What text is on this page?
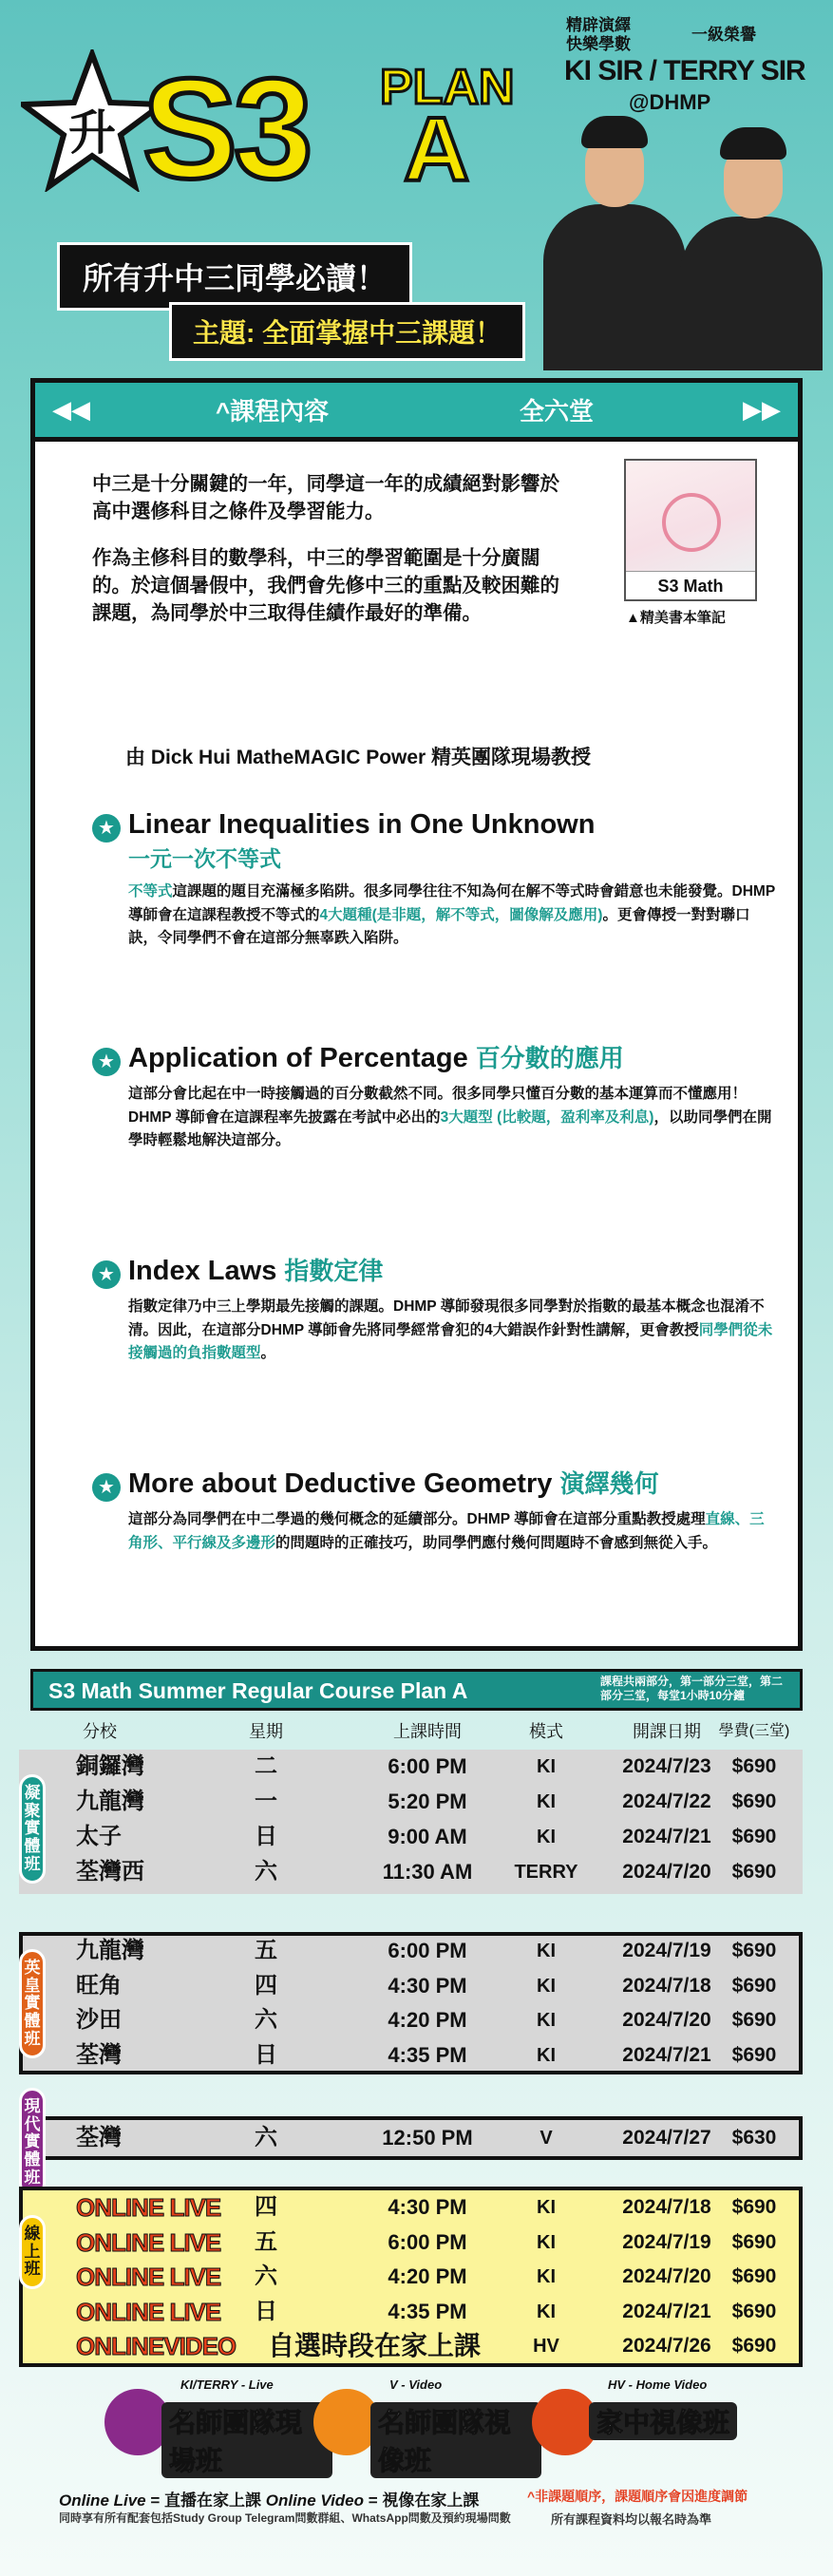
升 S3 PLAN
A
精辟演繹
快樂學數
一級榮譽
KI SIR / TERRY SIR
@DHMP
所有升中三同學必讀！
主題: 全面掌握中三課題！
◀◀	^課程內容	全六堂	▶▶

中三是十分關鍵的一年，同學這一年的成績絕對影響於高中選修科目之條件及學習能力。

作為主修科目的數學科，中三的學習範圍是十分廣闊的。於這個暑假中，我們會先修中三的重點及較困難的課題，為同學於中三取得佳績作最好的準備。

S3 Math
▲精美書本筆記
由 Dick Hui MatheMAGIC Power 精英團隊現場教授
★ Linear Inequalities in One Unknown
一元一次不等式
不等式這課題的題目充滿極多陷阱。很多同學往往不知為何在解不等式時會錯意也未能發覺。DHMP 導師會在這課程教授不等式的4大題種(是非題，解不等式，圖像解及應用)。更會傳授一對對聯口訣，令同學們不會在這部分無辜跌入陷阱。
★ Application of Percentage 百分數的應用
這部分會比起在中一時接觸過的百分數截然不同。很多同學只懂百分數的基本運算而不懂應用！DHMP 導師會在這課程率先披露在考試中必出的3大題型 (比較題，盈利率及利息)，以助同學們在開學時輕鬆地解決這部分。
★ Index Laws 指數定律
指數定律乃中三上學期最先接觸的課題。DHMP 導師發現很多同學對於指數的最基本概念也混淆不清。因此，在這部分DHMP 導師會先將同學經常會犯的4大錯誤作針對性講解，更會教授同學們從未接觸過的負指數題型。
★ More about Deductive Geometry 演繹幾何
這部分為同學們在中二學過的幾何概念的延續部分。DHMP 導師會在這部分重點教授處理直線、三角形、平行線及多邊形的問題時的正確技巧，助同學們應付幾何問題時不會感到無從入手。
S3 Math Summer Regular Course Plan A	課程共兩部分，第一部分三堂，第二部分三堂，每堂1小時10分鐘
分校	星期	上課時間	模式	開課日期	學費(三堂)
凝聚實體班
英皇實體班
現代實體班
線上班
Online Live = 直播在家上課 Online Video = 視像在家上課
同時享有所有配套包括Study Group Telegram問數群組、WhatsApp問數及預約現場問數
^非課題順序，課題順序會因進度調節
所有課程資料均以報名時為準
銅鑼灣	二	6:00 PM	KI	2024/7/23	$690
九龍灣	一	5:20 PM	KI	2024/7/22	$690
太子	日	9:00 AM	KI	2024/7/21	$690
荃灣西	六	11:30 AM	TERRY	2024/7/20	$690
九龍灣	五	6:00 PM	KI	2024/7/19	$690
旺角	四	4:30 PM	KI	2024/7/18	$690
沙田	六	4:20 PM	KI	2024/7/20	$690
荃灣	日	4:35 PM	KI	2024/7/21	$690
荃灣	六	12:50 PM	V	2024/7/27	$630
ONLINE LIVE	四	4:30 PM	KI	2024/7/18	$690
ONLINE LIVE	五	6:00 PM	KI	2024/7/19	$690
ONLINE LIVE	六	4:20 PM	KI	2024/7/20	$690
ONLINE LIVE	日	4:35 PM	KI	2024/7/21	$690
ONLINEVIDEO 自選時段在家上課	HV	2024/7/26	$690
KI/TERRY - Live
名師團隊現場班
V - Video
名師團隊視像班
HV - Home Video
家中視像班
